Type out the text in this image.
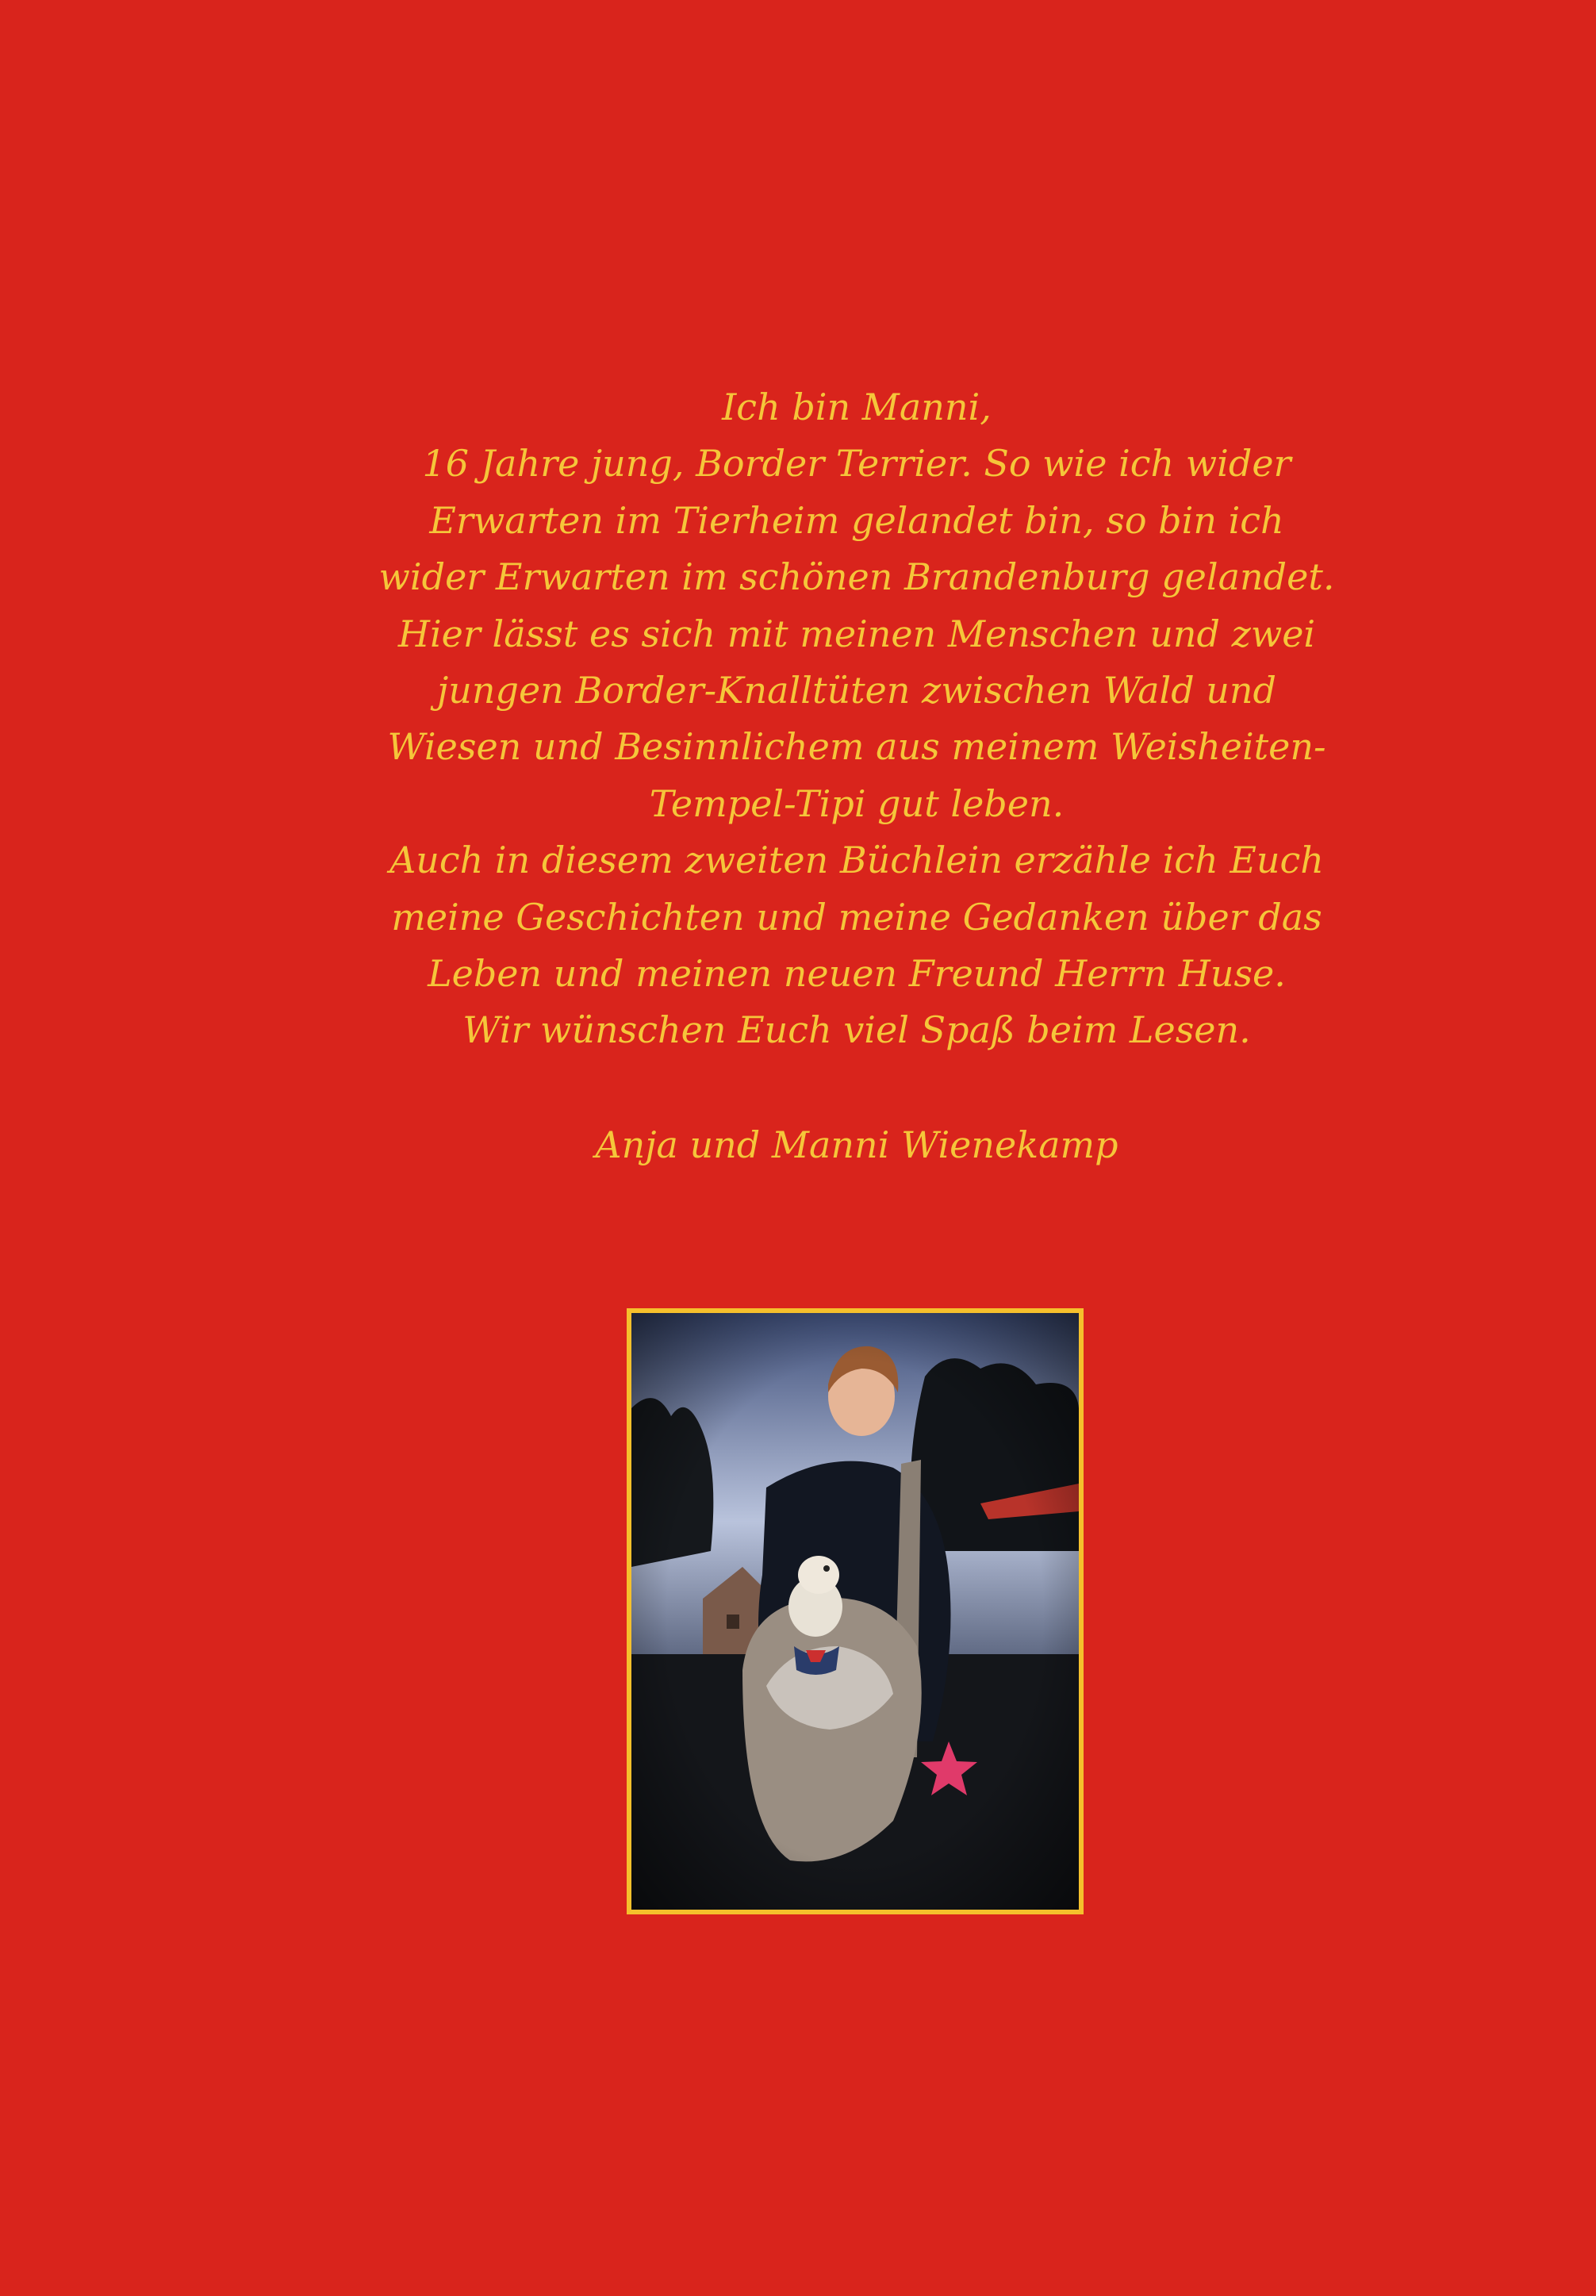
Ich bin Manni,
16 Jahre jung, Border Terrier. So wie ich wider
Erwarten im Tierheim gelandet bin, so bin ich
wider Erwarten im schönen Brandenburg gelandet.
Hier lässt es sich mit meinen Menschen und zwei
jungen Border-Knalltüten zwischen Wald und
Wiesen und Besinnlichem aus meinem Weisheiten-
Tempel-Tipi gut leben.
Auch in diesem zweiten Büchlein erzähle ich Euch
meine Geschichten und meine Gedanken über das
Leben und meinen neuen Freund Herrn Huse.
Wir wünschen Euch viel Spaß beim Lesen.
Anja und Manni Wienekamp
